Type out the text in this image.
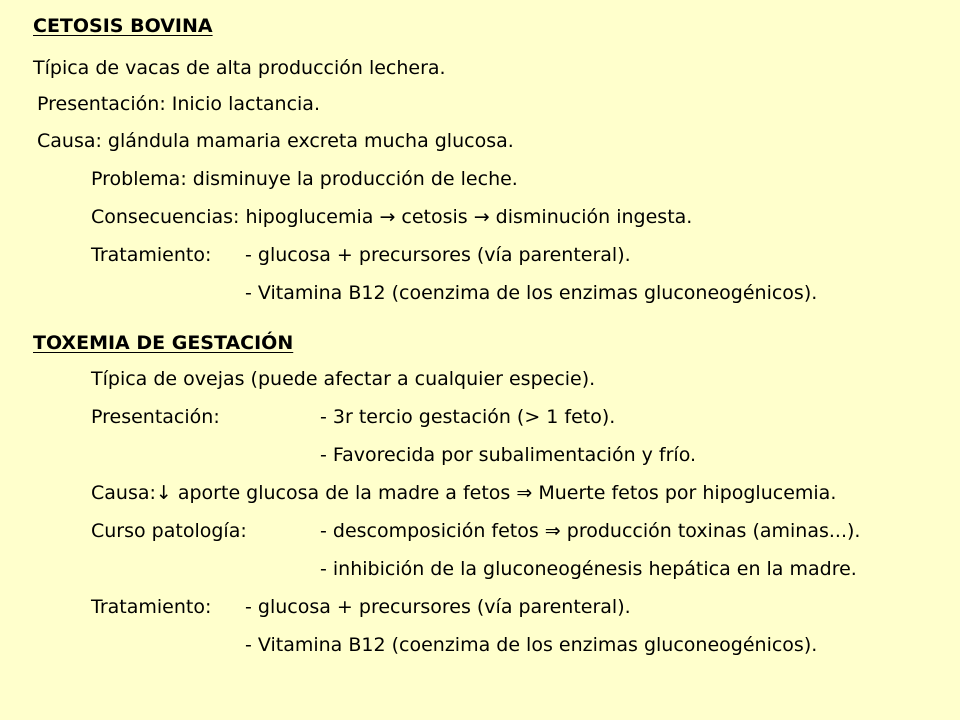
CETOSIS BOVINA
Típica de vacas de alta producción lechera.
Presentación: Inicio lactancia.
Causa: glándula mamaria excreta mucha glucosa.
Problema: disminuye la producción de leche.
Consecuencias: hipoglucemia → cetosis → disminución ingesta.
Tratamiento: - glucosa + precursores (vía parenteral).
- Vitamina B12 (coenzima de los enzimas gluconeogénicos).
TOXEMIA DE GESTACIÓN
Típica de ovejas (puede afectar a cualquier especie).
Presentación:	- 3r tercio gestación (> 1 feto).
- Favorecida por subalimentación y frío.
Causa:↓ aporte glucosa de la madre a fetos ⇒ Muerte fetos por hipoglucemia.
Curso patología:	- descomposición fetos ⇒ producción toxinas (aminas...).
- inhibición de la gluconeogénesis hepática en la madre.
Tratamiento: - glucosa + precursores (vía parenteral).
- Vitamina B12 (coenzima de los enzimas gluconeogénicos).
